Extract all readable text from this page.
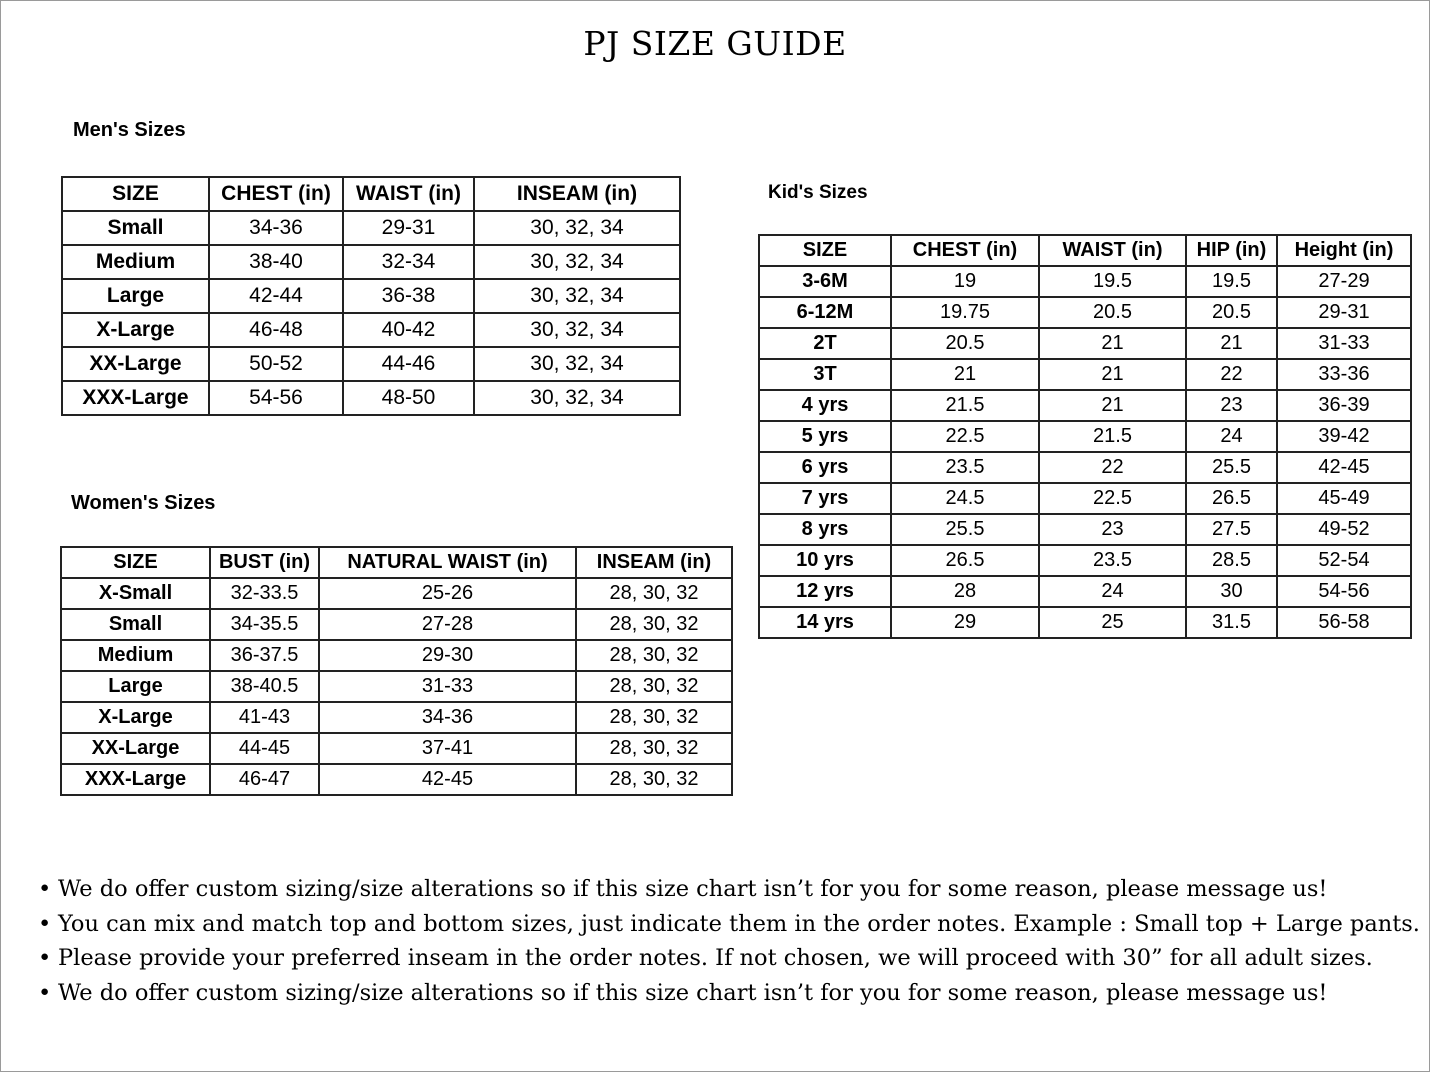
PJ SIZE GUIDE
Men's Sizes
SIZE	CHEST (in)	WAIST (in)	INSEAM (in)
Small	34-36	29-31	30, 32, 34
Medium	38-40	32-34	30, 32, 34
Large	42-44	36-38	30, 32, 34
X-Large	46-48	40-42	30, 32, 34
XX-Large	50-52	44-46	30, 32, 34
XXX-Large	54-56	48-50	30, 32, 34
Women's Sizes
SIZE	BUST (in)	NATURAL WAIST (in)	INSEAM (in)
X-Small	32-33.5	25-26	28, 30, 32
Small	34-35.5	27-28	28, 30, 32
Medium	36-37.5	29-30	28, 30, 32
Large	38-40.5	31-33	28, 30, 32
X-Large	41-43	34-36	28, 30, 32
XX-Large	44-45	37-41	28, 30, 32
XXX-Large	46-47	42-45	28, 30, 32
Kid's Sizes
SIZE	CHEST (in)	WAIST (in)	HIP (in)	Height (in)
3-6M	19	19.5	19.5	27-29
6-12M	19.75	20.5	20.5	29-31
2T	20.5	21	21	31-33
3T	21	21	22	33-36
4 yrs	21.5	21	23	36-39
5 yrs	22.5	21.5	24	39-42
6 yrs	23.5	22	25.5	42-45
7 yrs	24.5	22.5	26.5	45-49
8 yrs	25.5	23	27.5	49-52
10 yrs	26.5	23.5	28.5	52-54
12 yrs	28	24	30	54-56
14 yrs	29	25	31.5	56-58
• We do offer custom sizing/size alterations so if this size chart isn’t for you for some reason, please message us!
• You can mix and match top and bottom sizes, just indicate them in the order notes. Example : Small top + Large pants.
• Please provide your preferred inseam in the order notes. If not chosen, we will proceed with 30” for all adult sizes.
• We do offer custom sizing/size alterations so if this size chart isn’t for you for some reason, please message us!
